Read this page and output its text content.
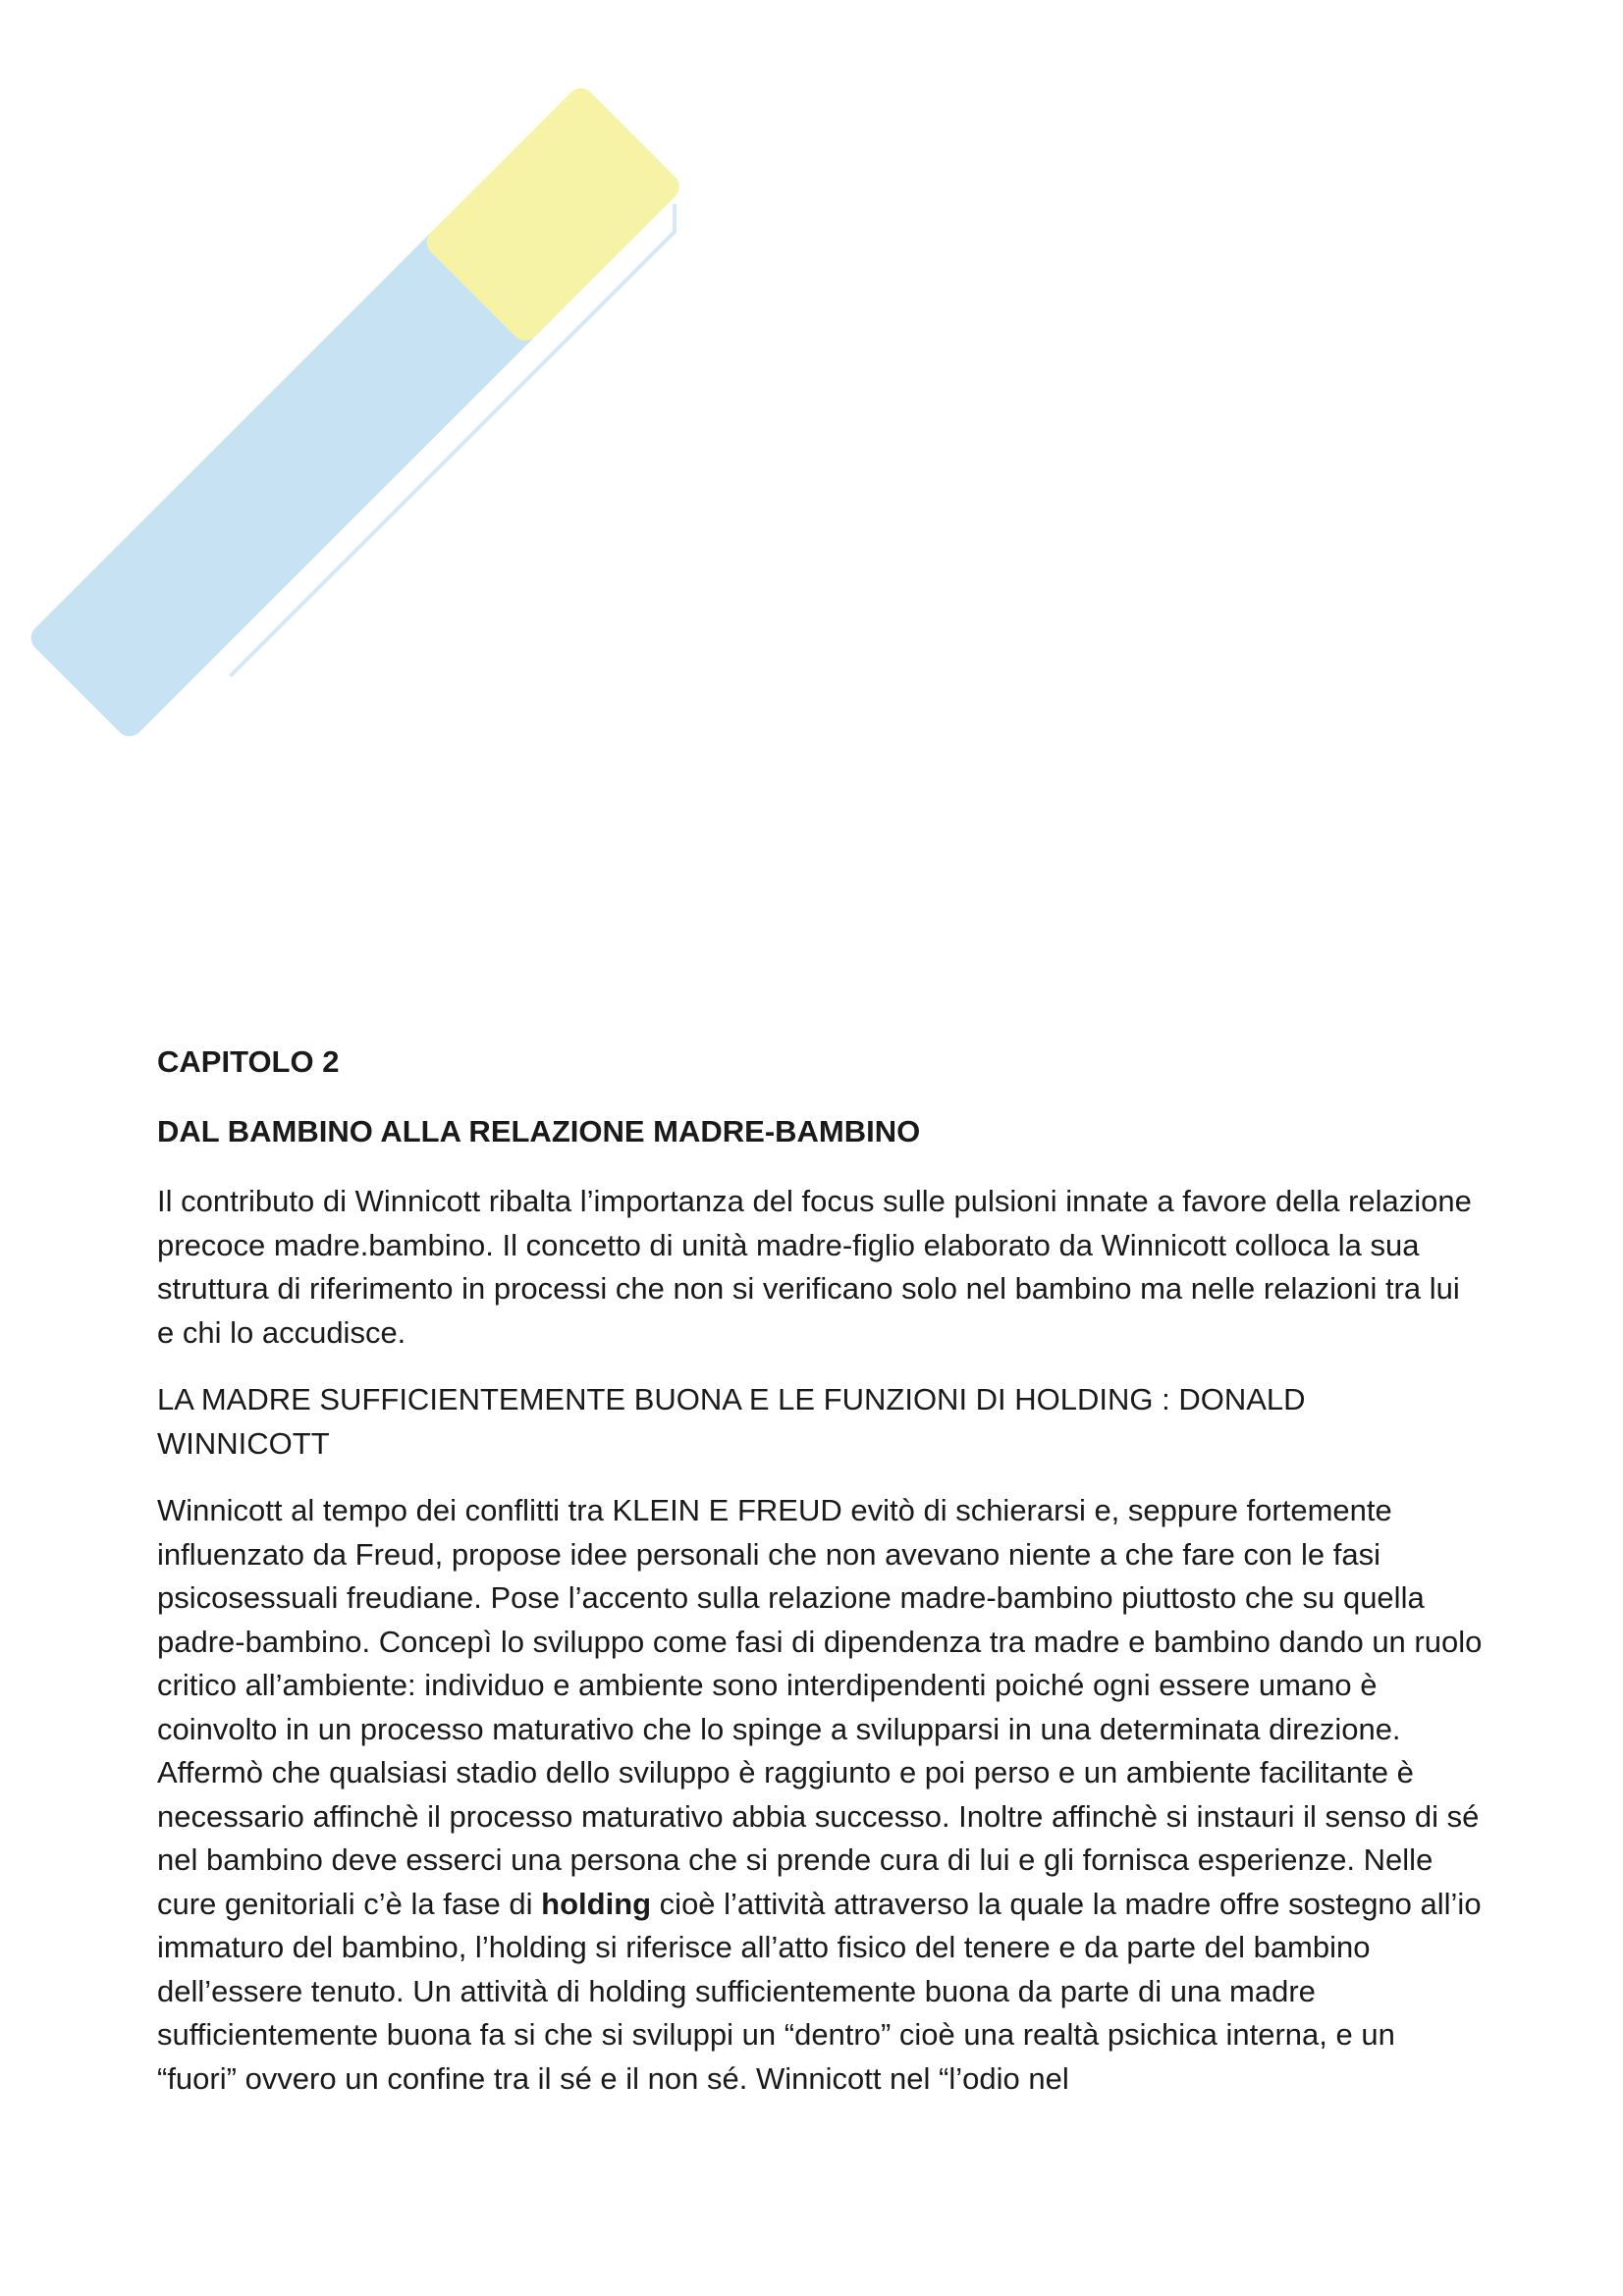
CAPITOLO 2
DAL BAMBINO ALLA RELAZIONE MADRE-BAMBINO

Il contributo di Winnicott ribalta l’importanza del focus sulle pulsioni innate a favore della relazione precoce madre.bambino. Il concetto di unità madre-figlio elaborato da Winnicott colloca la sua struttura di riferimento in processi che non si verificano solo nel bambino ma nelle relazioni tra lui e chi lo accudisce.

LA MADRE SUFFICIENTEMENTE BUONA E LE FUNZIONI DI HOLDING : DONALD WINNICOTT

Winnicott al tempo dei conflitti tra KLEIN E FREUD evitò di schierarsi e, seppure fortemente influenzato da Freud, propose idee personali che non avevano niente a che fare con le fasi psicosessuali freudiane. Pose l’accento sulla relazione madre-bambino piuttosto che su quella padre-bambino. Concepì lo sviluppo come fasi di dipendenza tra madre e bambino dando un ruolo critico all’ambiente: individuo e ambiente sono interdipendenti poiché ogni essere umano è coinvolto in un processo maturativo che lo spinge a svilupparsi in una determinata direzione. Affermò che qualsiasi stadio dello sviluppo è raggiunto e poi perso e un ambiente facilitante è necessario affinchè il processo maturativo abbia successo. Inoltre affinchè si instauri il senso di sé nel bambino deve esserci una persona che si prende cura di lui e gli fornisca esperienze. Nelle cure genitoriali c’è la fase di holding cioè l’attività attraverso la quale la madre offre sostegno all’io immaturo del bambino, l’holding si riferisce all’atto fisico del tenere e da parte del bambino dell’essere tenuto. Un attività di holding sufficientemente buona da parte di una madre sufficientemente buona fa si che si sviluppi un “dentro” cioè una realtà psichica interna, e un “fuori” ovvero un confine tra il sé e il non sé. Winnicott nel “l’odio nel
